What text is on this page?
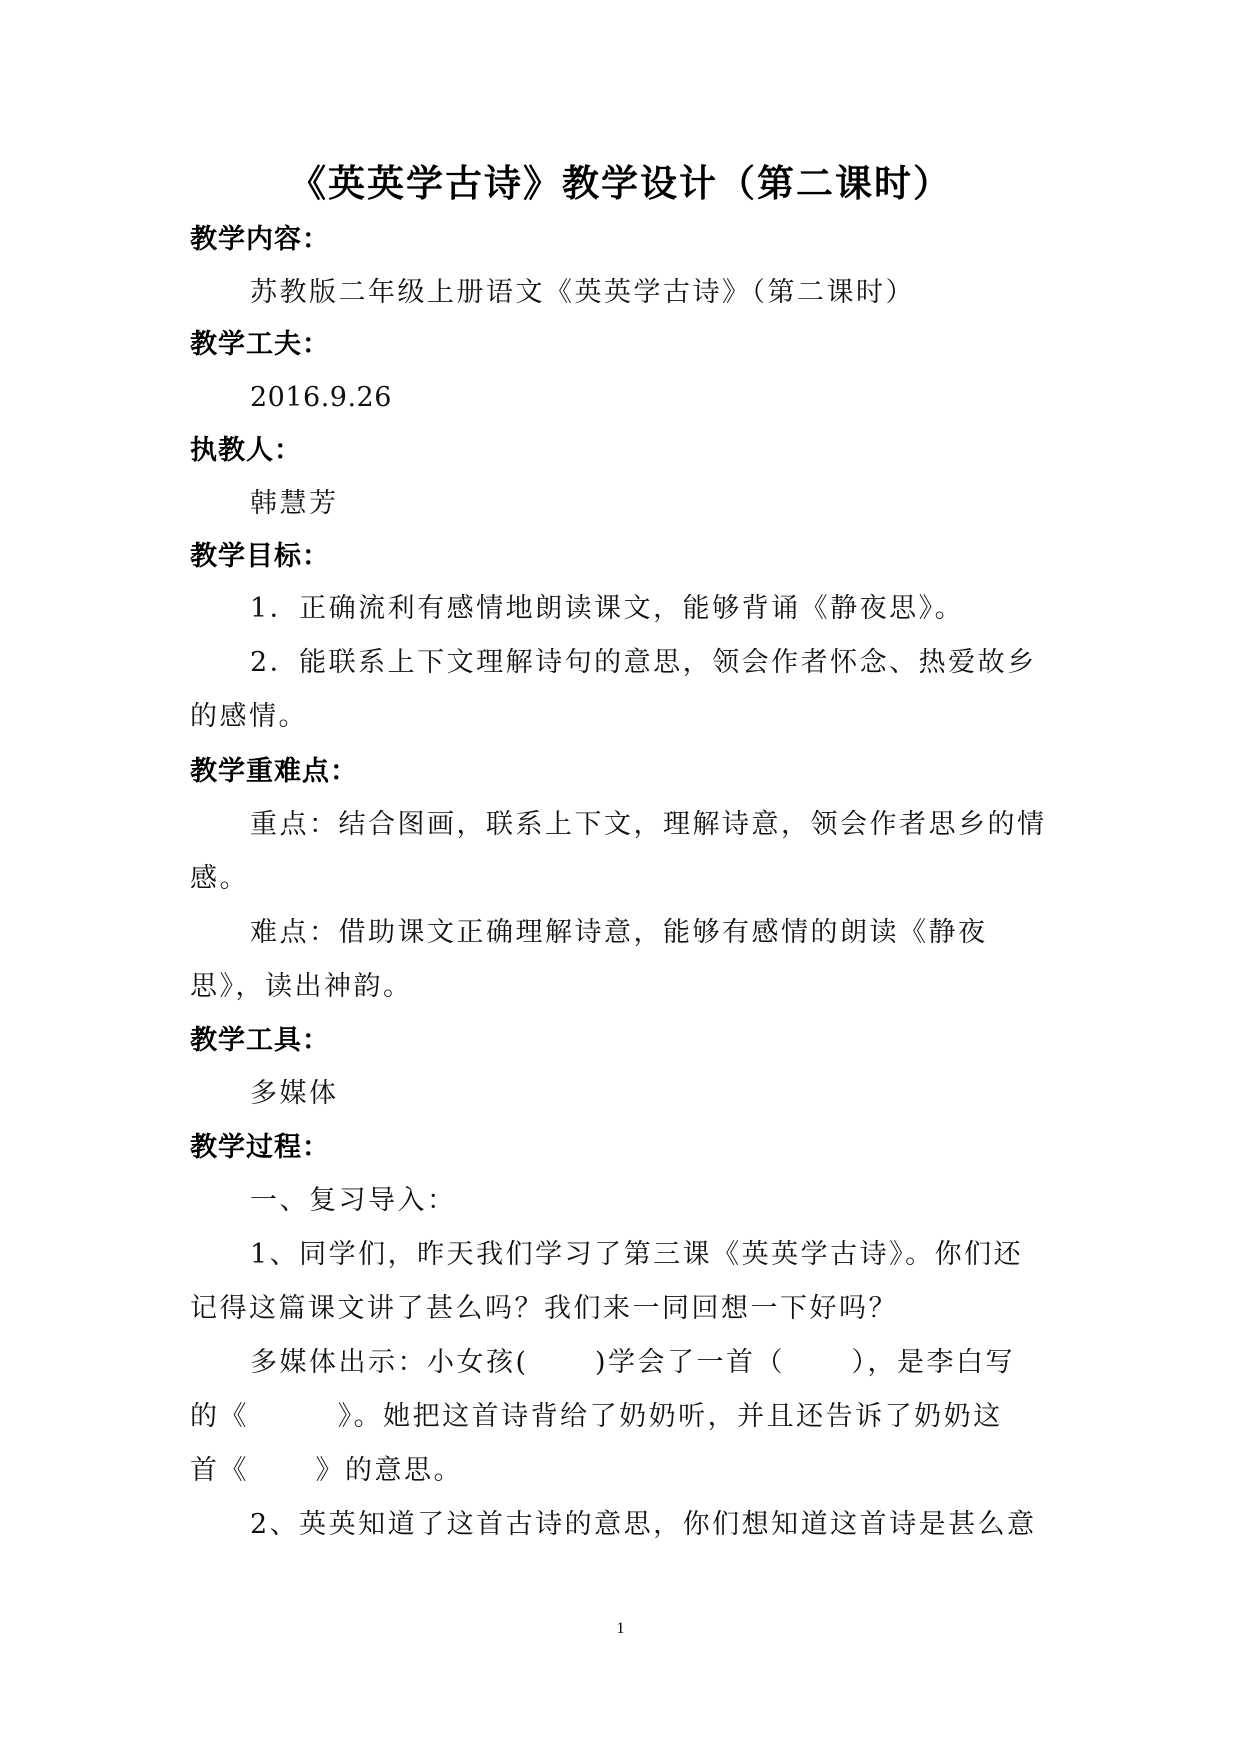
《英英学古诗》教学设计（第二课时）
教学内容：
苏教版二年级上册语文《英英学古诗》（第二课时）
教学工夫：
2016.9.26
执教人：
韩慧芳
教学目标：
1．正确流利有感情地朗读课文，能够背诵《静夜思》。
2．能联系上下文理解诗句的意思，领会作者怀念、热爱故乡
的感情。
教学重难点：
重点：结合图画，联系上下文，理解诗意，领会作者思乡的情
感。
难点：借助课文正确理解诗意，能够有感情的朗读《静夜
思》，读出神韵。
教学工具：
多媒体
教学过程：
一、复习导入：
1、同学们，昨天我们学习了第三课《英英学古诗》。你们还
记得这篇课文讲了甚么吗？我们来一同回想一下好吗？
多媒体出示：小女孩(      )学会了一首（      ），是李白写
的《        》。她把这首诗背给了奶奶听，并且还告诉了奶奶这
首《      》的意思。
2、英英知道了这首古诗的意思，你们想知道这首诗是甚么意
1
